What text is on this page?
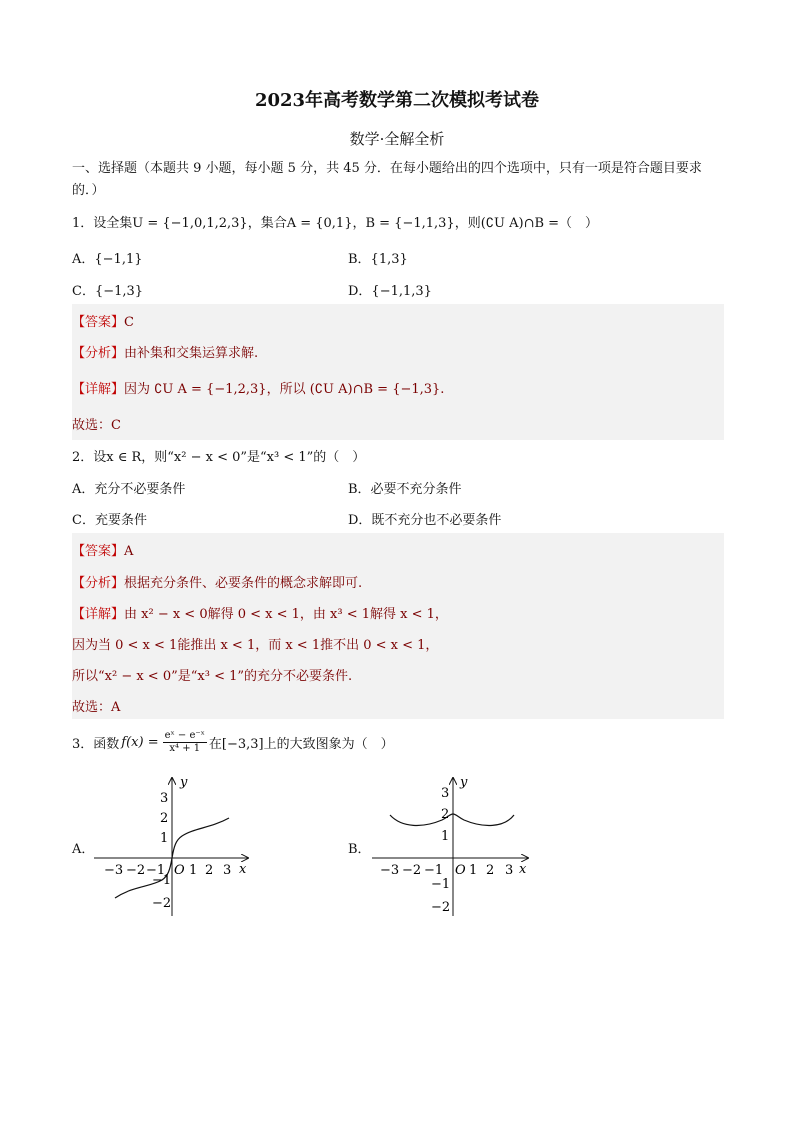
2023年高考数学第二次模拟考试卷
数学·全解全析
一、选择题（本题共 9 小题，每小题 5 分，共 45 分．在每小题给出的四个选项中，只有一项是符合题目要求的．）
1．设全集U = {−1,0,1,2,3}，集合A = {0,1}，B = {−1,1,3}，则(∁U A)∩B =（　）
A．{−1,1}	B．{1,3}
C．{−1,3}	D．{−1,1,3}
【答案】C
【分析】由补集和交集运算求解.
【详解】因为 ∁U A = {−1,2,3}，所以 (∁U A)∩B = {−1,3}.
故选：C
2．设x ∈ R，则“x² − x < 0”是“x³ < 1”的（　）
A．充分不必要条件	B．必要不充分条件
C．充要条件	D．既不充分也不必要条件
【答案】A
【分析】根据充分条件、必要条件的概念求解即可.
【详解】由 x² − x < 0解得 0 < x < 1，由 x³ < 1解得 x < 1，
因为当 0 < x < 1能推出 x < 1，而 x < 1推不出 0 < x < 1，
所以“x² − x < 0”是“x³ < 1”的充分不必要条件.
故选：A
3．函数 $f(x) = \frac{\text{eˣ − e⁻ˣ}}{\text{x⁴ + 1}}$ 在[−3,3]上的大致图象为（　）
A．	B．
y
x
O
−3 −2 −1 1 2 3
3
2
1
−1
−2
y
x
O
−3 −2 −1 1 2 3
3
2
1
−1
−2
